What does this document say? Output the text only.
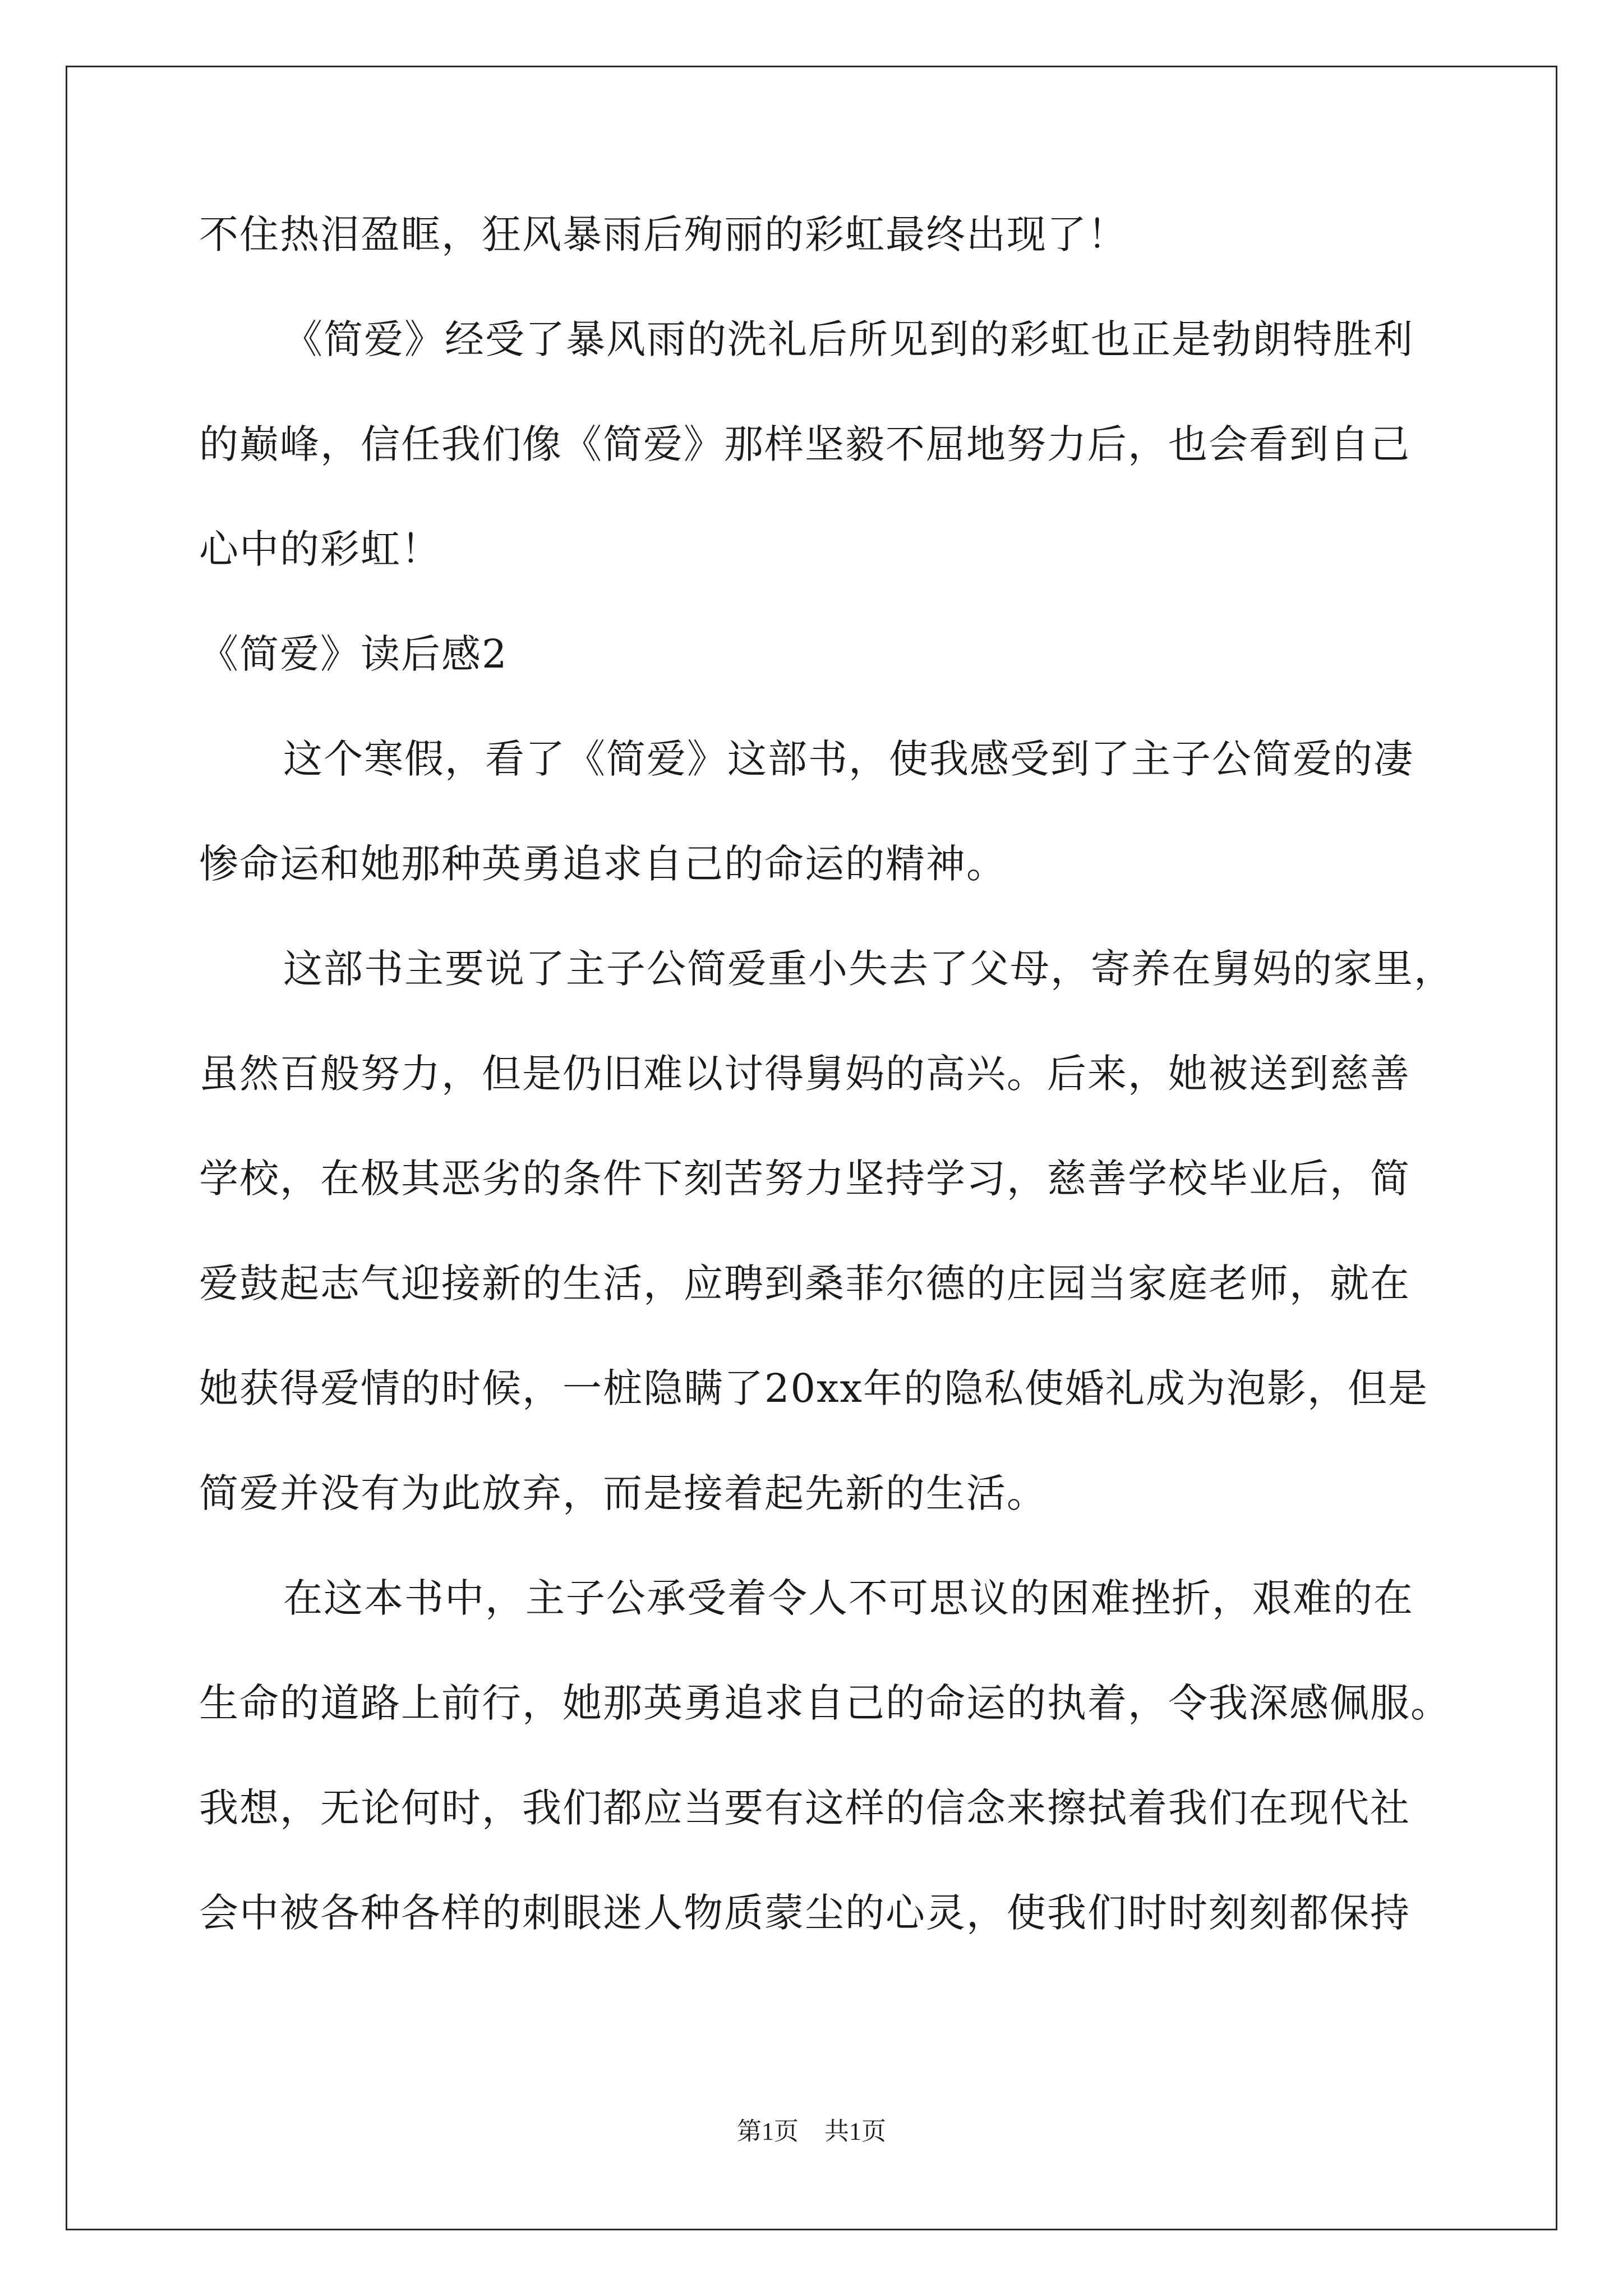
不住热泪盈眶，狂风暴雨后殉丽的彩虹最终出现了！
《简爱》经受了暴风雨的洗礼后所见到的彩虹也正是勃朗特胜利
的巅峰，信任我们像《简爱》那样坚毅不屈地努力后，也会看到自己
心中的彩虹！
《简爱》读后感2
这个寒假，看了《简爱》这部书，使我感受到了主子公简爱的凄
惨命运和她那种英勇追求自己的命运的精神。
这部书主要说了主子公简爱重小失去了父母，寄养在舅妈的家里，
虽然百般努力，但是仍旧难以讨得舅妈的高兴。后来，她被送到慈善
学校，在极其恶劣的条件下刻苦努力坚持学习，慈善学校毕业后，简
爱鼓起志气迎接新的生活，应聘到桑菲尔德的庄园当家庭老师，就在
她获得爱情的时候，一桩隐瞒了20xx年的隐私使婚礼成为泡影，但是
简爱并没有为此放弃，而是接着起先新的生活。
在这本书中，主子公承受着令人不可思议的困难挫折，艰难的在
生命的道路上前行，她那英勇追求自己的命运的执着，令我深感佩服。
我想，无论何时，我们都应当要有这样的信念来擦拭着我们在现代社
会中被各种各样的刺眼迷人物质蒙尘的心灵，使我们时时刻刻都保持
第1页 共1页
